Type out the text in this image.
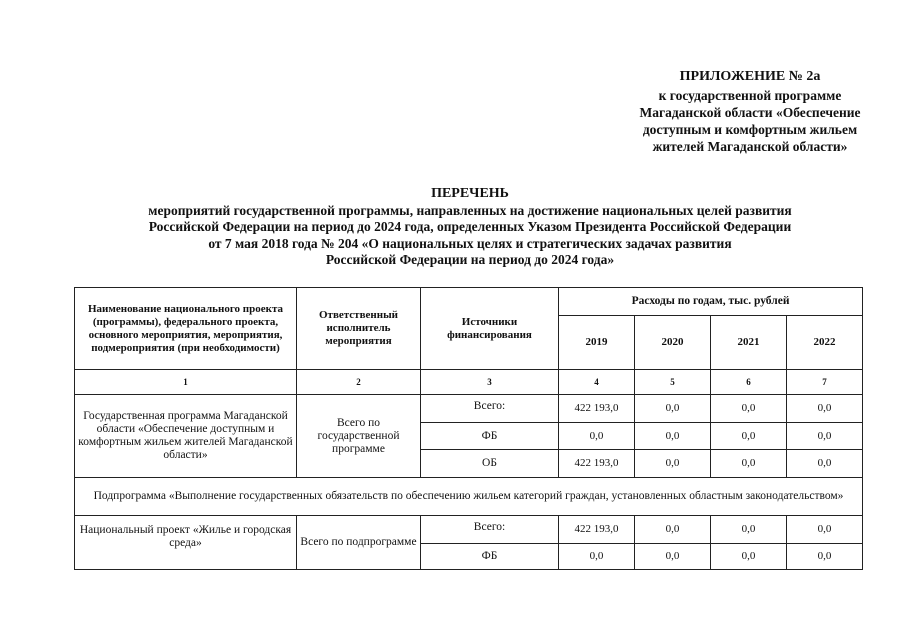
ПРИЛОЖЕНИЕ № 2а
к государственной программе
Магаданской области «Обеспечение
доступным и комфортным жильем
жителей Магаданской области»
ПЕРЕЧЕНЬ
мероприятий государственной программы, направленных на достижение национальных целей развития
Российской Федерации на период до 2024 года, определенных Указом Президента Российской Федерации
от 7 мая 2018 года № 204 «О национальных целях и стратегических задачах развития
Российской Федерации на период до 2024 года»
Наименование национального проекта (программы), федерального проекта, основного мероприятия, мероприятия, подмероприятия (при необходимости)	Ответственный исполнитель мероприятия	Источники финансирования	Расходы по годам, тыс. рублей			
			2019	2020	2021	2022
1	2	3	4	5	6	7
Государственная программа Магаданской области «Обеспечение доступным и комфортным жильем жителей Магаданской области»	Всего по государственной программе	Всего:	422 193,0	0,0	0,0	0,0
		ФБ	0,0	0,0	0,0	0,0
		ОБ	422 193,0	0,0	0,0	0,0
Подпрограмма «Выполнение государственных обязательств по обеспечению жильем категорий граждан, установленных областным законодательством»						
Национальный проект «Жилье и городская среда»	Всего по подпрограмме	Всего:	422 193,0	0,0	0,0	0,0
		ФБ	0,0	0,0	0,0	0,0
